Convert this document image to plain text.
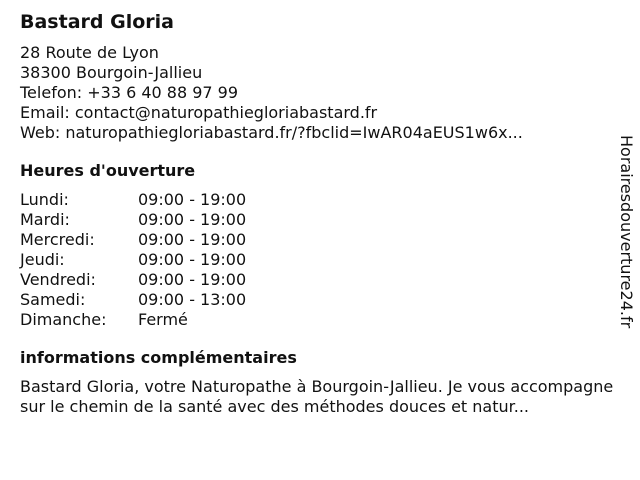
Bastard Gloria
28 Route de Lyon
38300 Bourgoin-Jallieu
Telefon: +33 6 40 88 97 99
Email: contact@naturopathiegloriabastard.fr
Web: naturopathiegloriabastard.fr/?fbclid=IwAR04aEUS1w6x...
Heures d'ouverture
Lundi:	09:00 - 19:00
Mardi:	09:00 - 19:00
Mercredi:	09:00 - 19:00
Jeudi:	09:00 - 19:00
Vendredi:	09:00 - 19:00
Samedi:	09:00 - 13:00
Dimanche:	Fermé
informations complémentaires
Bastard Gloria, votre Naturopathe à Bourgoin-Jallieu. Je vous accompagne sur le chemin de la santé avec des méthodes douces et natur...
Horairesdouverture24.fr
